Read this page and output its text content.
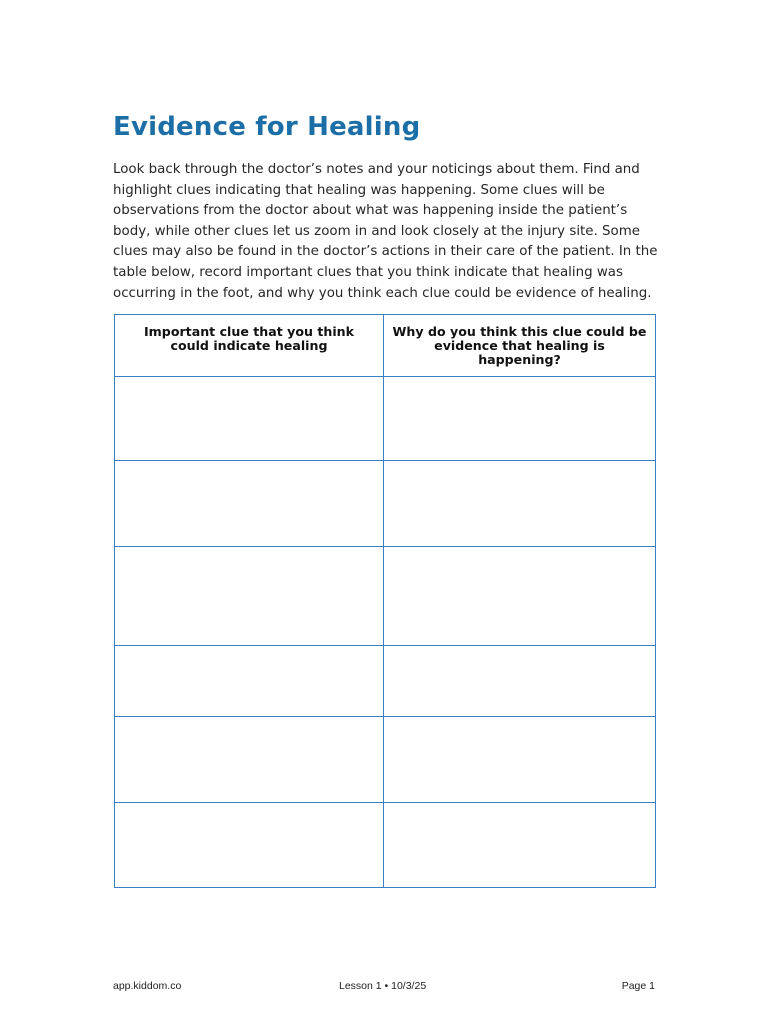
Evidence for Healing

Look back through the doctor’s notes and your noticings about them. Find and highlight clues indicating that healing was happening. Some clues will be observations from the doctor about what was happening inside the patient’s body, while other clues let us zoom in and look closely at the injury site. Some clues may also be found in the doctor’s actions in their care of the patient. In the table below, record important clues that you think indicate that healing was occurring in the foot, and why you think each clue could be evidence of healing.

Important clue that you think could indicate healing	Why do you think this clue could be evidence that healing is happening?

app.kiddom.co	Lesson 1 • 10/3/25	Page 1
